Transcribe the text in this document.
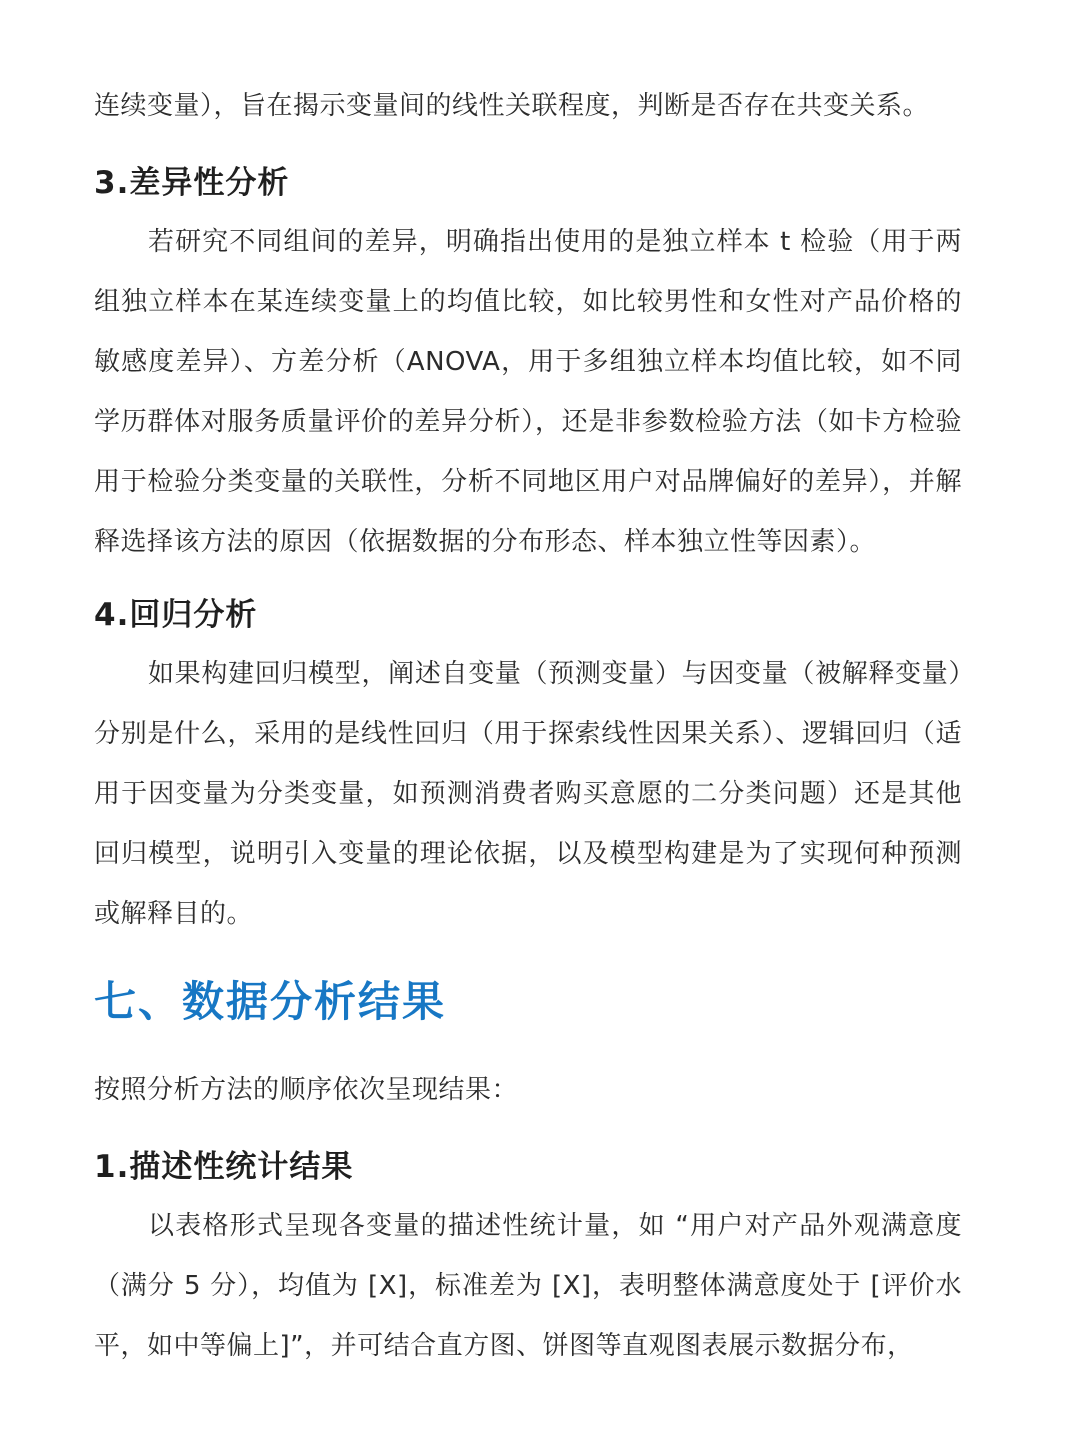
连续变量），旨在揭示变量间的线性关联程度，判断是否存在共变关系。

3.差异性分析

若研究不同组间的差异，明确指出使用的是独立样本 t 检验（用于两组独立样本在某连续变量上的均值比较，如比较男性和女性对产品价格的敏感度差异）、方差分析（ANOVA，用于多组独立样本均值比较，如不同学历群体对服务质量评价的差异分析），还是非参数检验方法（如卡方检验用于检验分类变量的关联性，分析不同地区用户对品牌偏好的差异），并解释选择该方法的原因（依据数据的分布形态、样本独立性等因素）。

4.回归分析

如果构建回归模型，阐述自变量（预测变量）与因变量（被解释变量）分别是什么，采用的是线性回归（用于探索线性因果关系）、逻辑回归（适用于因变量为分类变量，如预测消费者购买意愿的二分类问题）还是其他回归模型，说明引入变量的理论依据，以及模型构建是为了实现何种预测或解释目的。

七、数据分析结果

按照分析方法的顺序依次呈现结果：

1.描述性统计结果

以表格形式呈现各变量的描述性统计量，如 “用户对产品外观满意度（满分 5 分），均值为 [X]，标准差为 [X]，表明整体满意度处于 [评价水平，如中等偏上]”，并可结合直方图、饼图等直观图表展示数据分布，
